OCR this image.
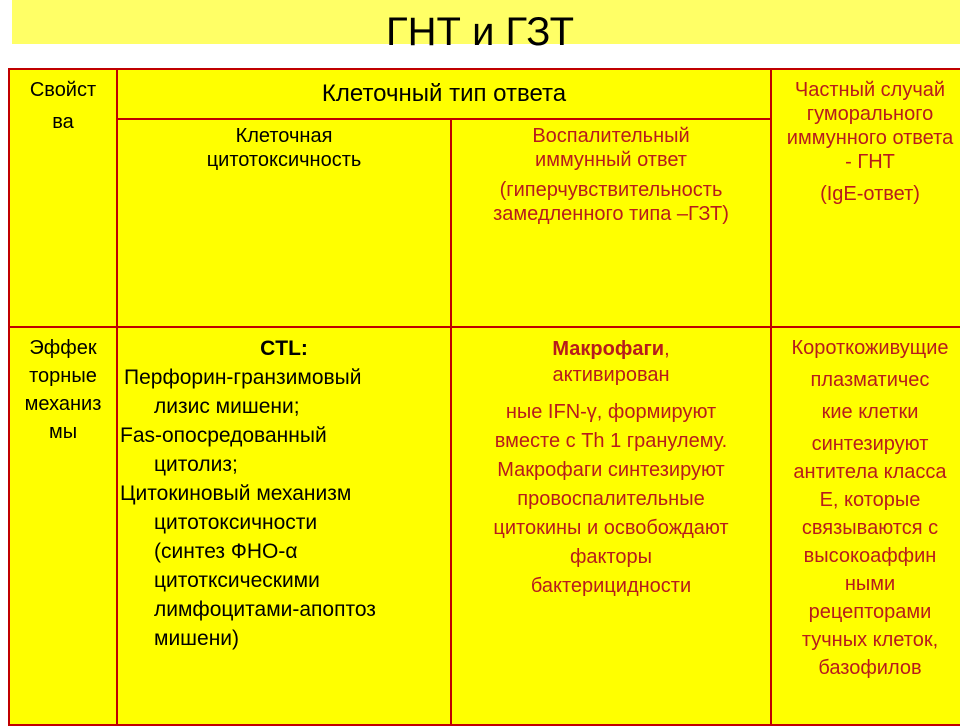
ГНТ и ГЗТ

Свойст

ва

Клеточный тип ответа

Клеточная

цитотоксичность

Воспалительный

иммунный ответ

(гиперчувствительность

замедленного типа –ГЗТ)

Частный случай

гуморального

иммунного ответа

- ГНТ

(IgE-ответ)

Эффек

торные

механиз

мы

CTL:

Перфорин-гранзимовый

лизис мишени;

Fas-опосредованный

цитолиз;

Цитокиновый механизм

цитотоксичности

(синтез ФНО-α

цитотксическими

лимфоцитами-апоптоз

мишени)

Макрофаги,

активирован

ные IFN-γ, формируют

вместе с Th 1 гранулему.

Макрофаги синтезируют

провоспалительные

цитокины и освобождают

факторы

бактерицидности

Короткоживущие

плазматичес

кие клетки

синтезируют

антитела класса

Е, которые

связываются с

высокоаффин

ными

рецепторами

тучных клеток,

базофилов
